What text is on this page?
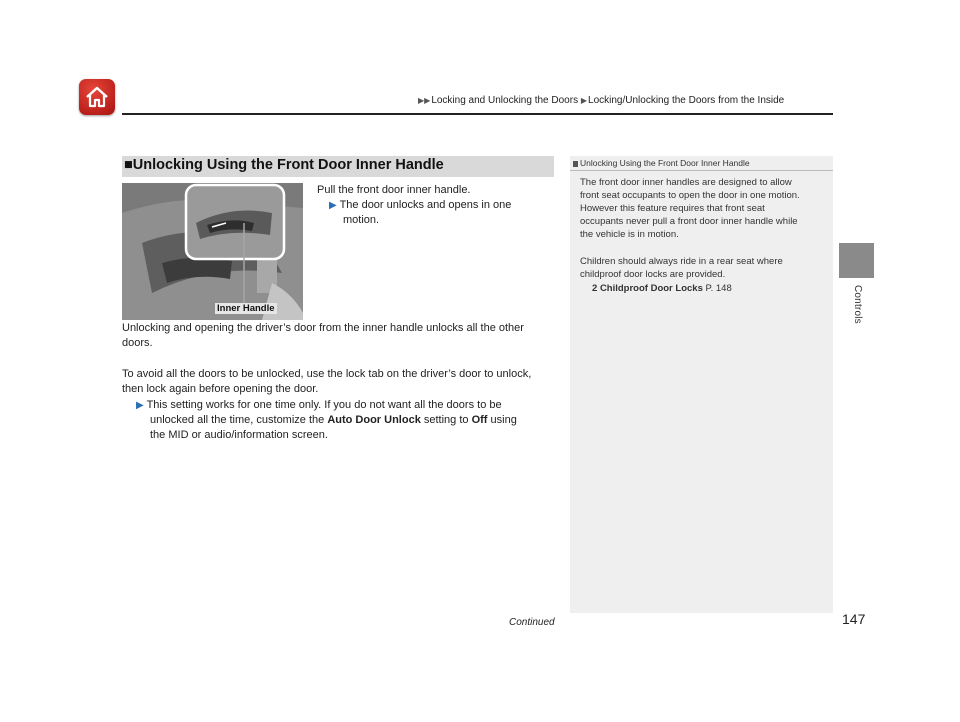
▶▶Locking and Unlocking the Doors ▶Locking/Unlocking the Doors from the Inside
Controls
■Unlocking Using the Front Door Inner Handle
Inner Handle
Pull the front door inner handle.
▶ The door unlocks and opens in one
motion.
Unlocking and opening the driver’s door from the inner handle unlocks all the other
doors.
To avoid all the doors to be unlocked, use the lock tab on the driver’s door to unlock,
then lock again before opening the door.
▶ This setting works for one time only. If you do not want all the doors to be
unlocked all the time, customize the Auto Door Unlock setting to Off using
the MID or audio/information screen.
Unlocking Using the Front Door Inner Handle
The front door inner handles are designed to allow
front seat occupants to open the door in one motion.
However this feature requires that front seat
occupants never pull a front door inner handle while
the vehicle is in motion.
Children should always ride in a rear seat where
childproof door locks are provided.
2 Childproof Door Locks P. 148
Continued	147
